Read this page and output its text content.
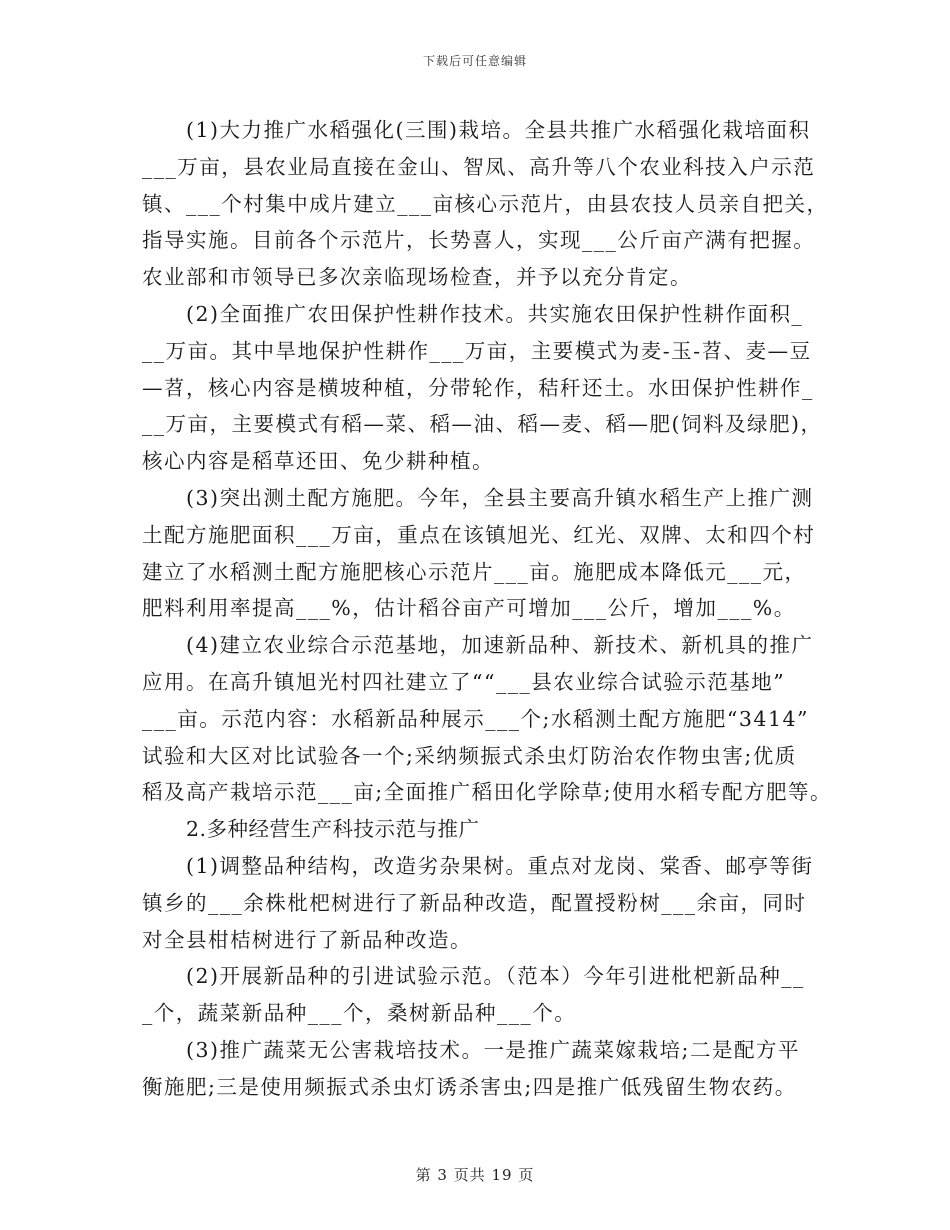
下载后可任意编辑
(1)大力推广水稻强化(三围)栽培。全县共推广水稻强化栽培面积
___万亩，县农业局直接在金山、智凤、高升等八个农业科技入户示范
镇、___个村集中成片建立___亩核心示范片，由县农技人员亲自把关，
指导实施。目前各个示范片，长势喜人，实现___公斤亩产满有把握。
农业部和市领导已多次亲临现场检查，并予以充分肯定。
(2)全面推广农田保护性耕作技术。共实施农田保护性耕作面积_
__万亩。其中旱地保护性耕作___万亩，主要模式为麦-玉-苕、麦—豆
—苕，核心内容是横坡种植，分带轮作，秸秆还土。水田保护性耕作_
__万亩，主要模式有稻—菜、稻—油、稻—麦、稻—肥(饲料及绿肥)，
核心内容是稻草还田、免少耕种植。
(3)突出测土配方施肥。今年，全县主要高升镇水稻生产上推广测
土配方施肥面积___万亩，重点在该镇旭光、红光、双牌、太和四个村
建立了水稻测土配方施肥核心示范片___亩。施肥成本降低元___元，
肥料利用率提高___%，估计稻谷亩产可增加___公斤，增加___%。
(4)建立农业综合示范基地，加速新品种、新技术、新机具的推广
应用。在高升镇旭光村四社建立了““___县农业综合试验示范基地”
___亩。示范内容：水稻新品种展示___个;水稻测土配方施肥“3414”
试验和大区对比试验各一个;采纳频振式杀虫灯防治农作物虫害;优质
稻及高产栽培示范___亩;全面推广稻田化学除草;使用水稻专配方肥等。
2.多种经营生产科技示范与推广
(1)调整品种结构，改造劣杂果树。重点对龙岗、棠香、邮亭等街
镇乡的___余株枇杷树进行了新品种改造，配置授粉树___余亩，同时
对全县柑桔树进行了新品种改造。
(2)开展新品种的引进试验示范。（范本）今年引进枇杷新品种__
_个，蔬菜新品种___个，桑树新品种___个。
(3)推广蔬菜无公害栽培技术。一是推广蔬菜嫁栽培;二是配方平
衡施肥;三是使用频振式杀虫灯诱杀害虫;四是推广低残留生物农药。
第 3 页共 19 页
